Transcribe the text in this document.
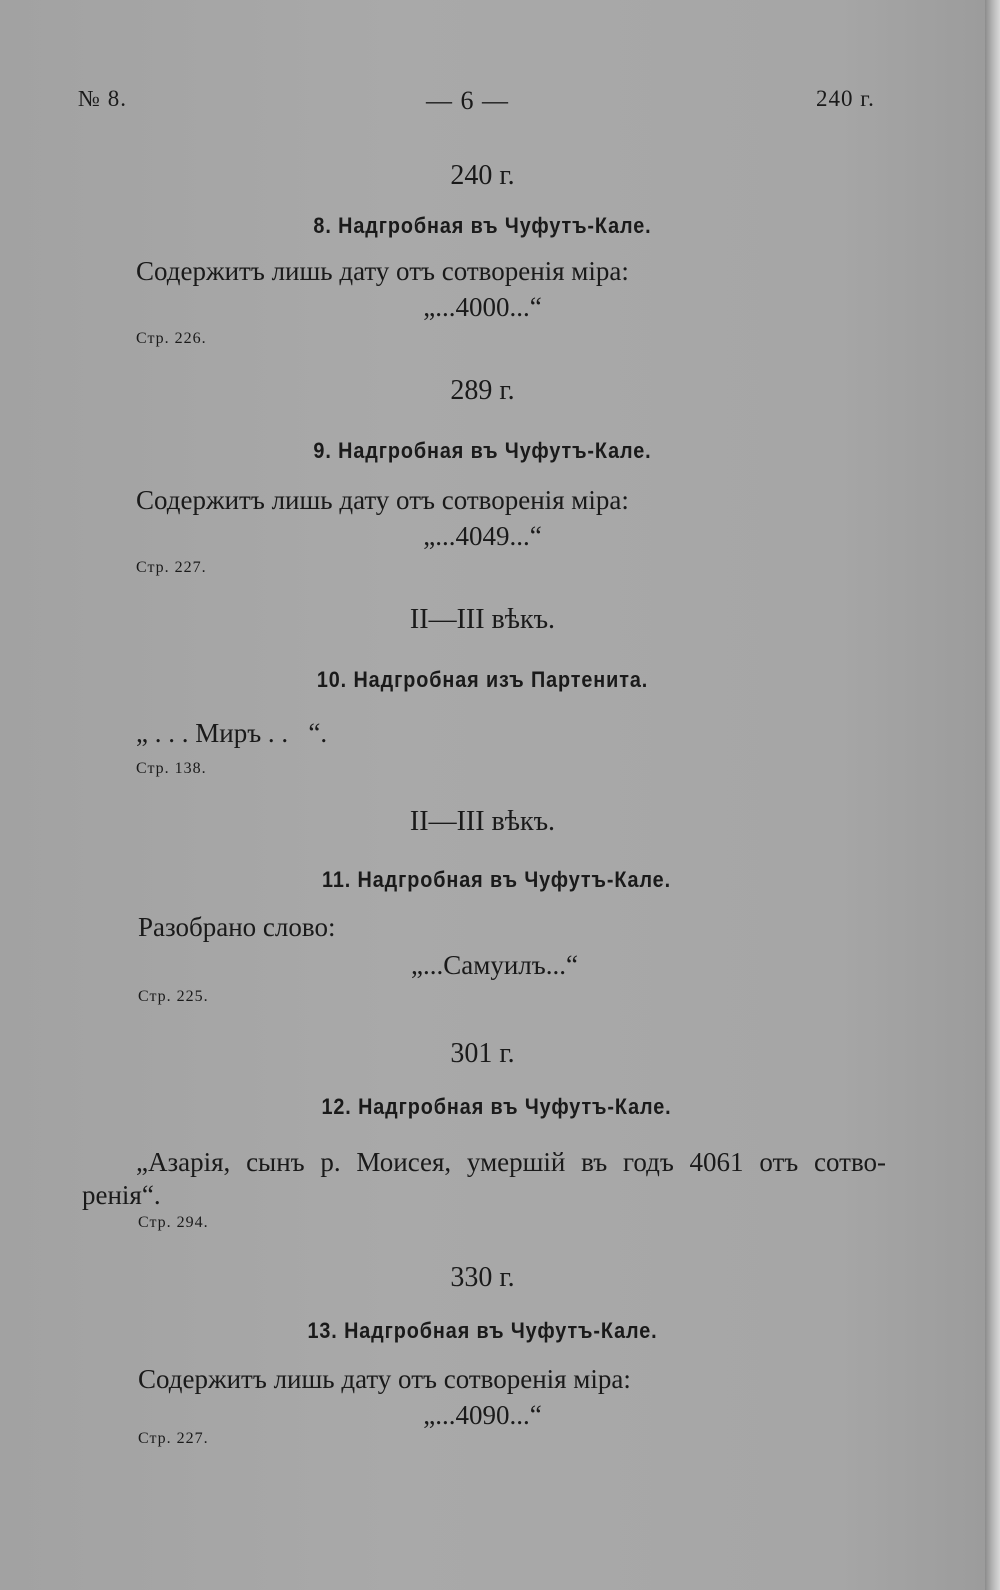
№ 8.	— 6 —	240 г.
240 г.
8. Надгробная въ Чуфутъ-Кале.
Содержитъ лишь дату отъ сотворенія міра:
„...4000...“
Стр. 226.
289 г.
9. Надгробная въ Чуфутъ-Кале.
Содержитъ лишь дату отъ сотворенія міра:
„...4049...“
Стр. 227.
II—III вѣкъ.
10. Надгробная изъ Партенита.
„ . . . Миръ . .   “.
Стр. 138.
II—III вѣкъ.
11. Надгробная въ Чуфутъ-Кале.
Разобрано слово:
„...Самуилъ...“
Стр. 225.
301 г.
12. Надгробная въ Чуфутъ-Кале.
„Азарія, сынъ р. Моисея, умершій въ годъ 4061 отъ сотво-
ренія“.
Стр. 294.
330 г.
13. Надгробная въ Чуфутъ-Кале.
Содержитъ лишь дату отъ сотворенія міра:
„...4090...“
Стр. 227.
